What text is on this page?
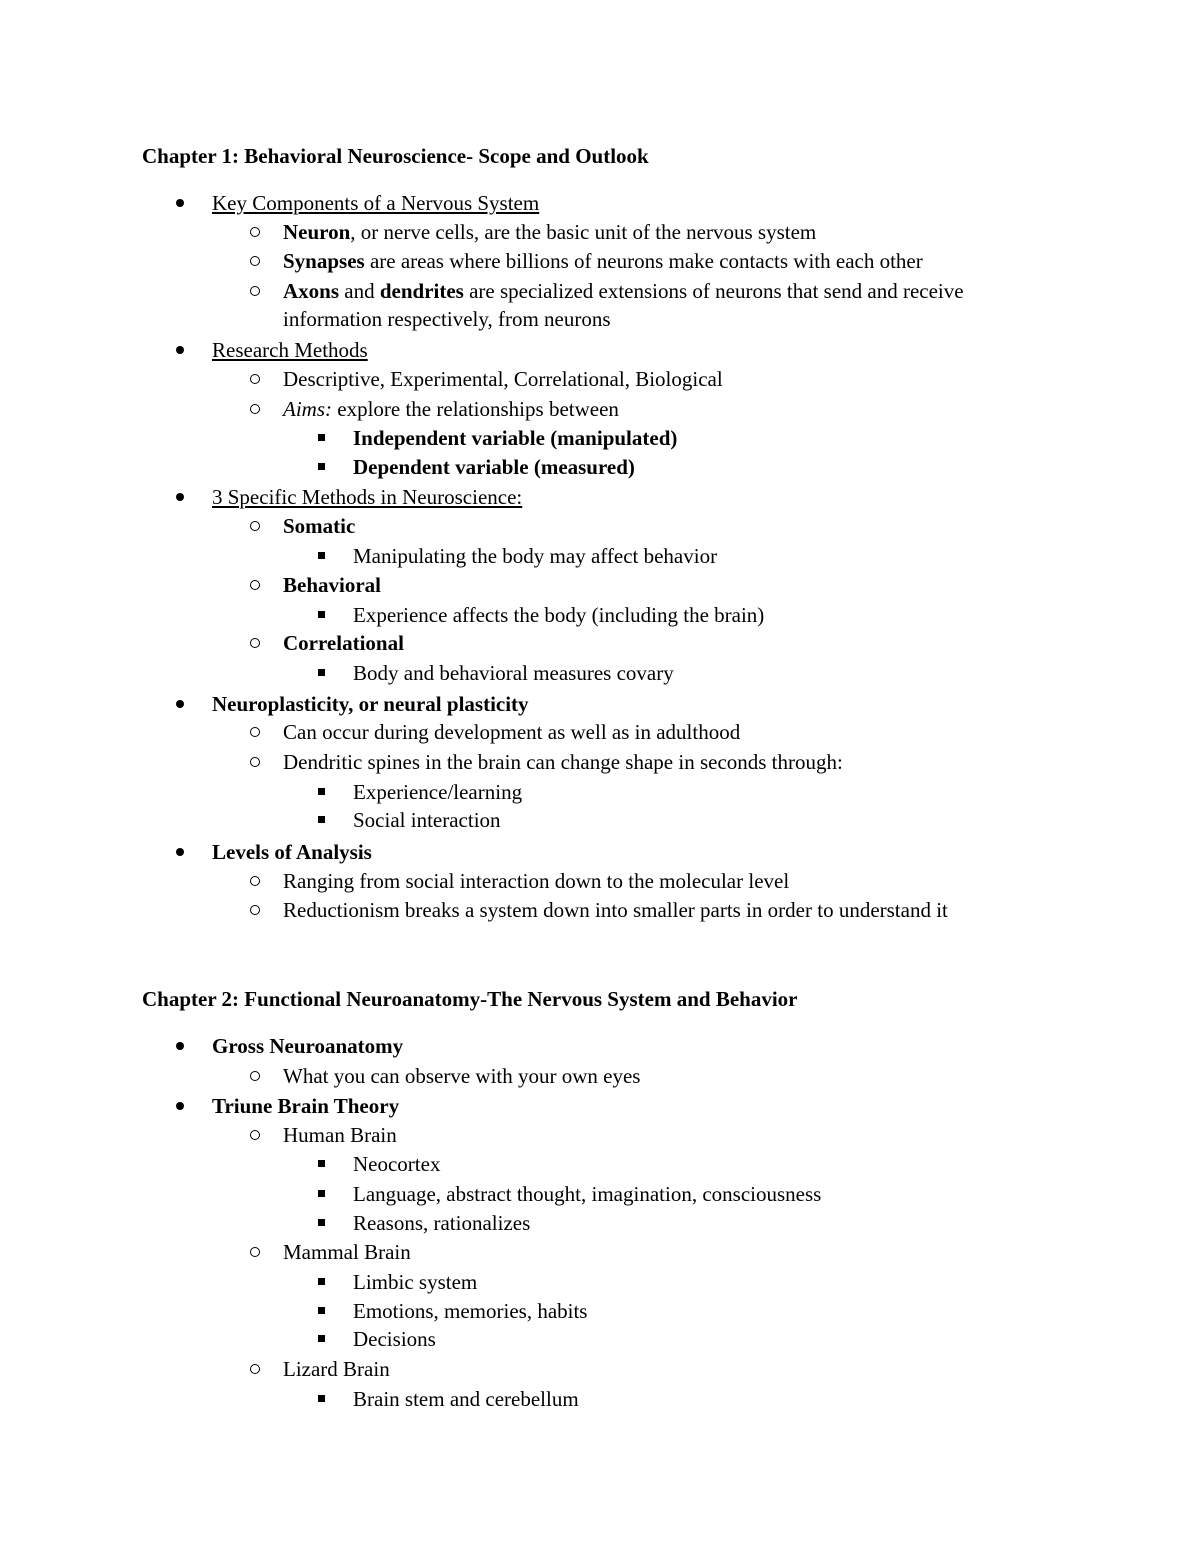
Chapter 1: Behavioral Neuroscience- Scope and Outlook
Key Components of a Nervous System
Neuron, or nerve cells, are the basic unit of the nervous system
Synapses are areas where billions of neurons make contacts with each other
Axons and dendrites are specialized extensions of neurons that send and receive
information respectively, from neurons
Research Methods
Descriptive, Experimental, Correlational, Biological
Aims: explore the relationships between
Independent variable (manipulated)
Dependent variable (measured)
3 Specific Methods in Neuroscience:
Somatic
Manipulating the body may affect behavior
Behavioral
Experience affects the body (including the brain)
Correlational
Body and behavioral measures covary
Neuroplasticity, or neural plasticity
Can occur during development as well as in adulthood
Dendritic spines in the brain can change shape in seconds through:
Experience/learning
Social interaction
Levels of Analysis
Ranging from social interaction down to the molecular level
Reductionism breaks a system down into smaller parts in order to understand it
Chapter 2: Functional Neuroanatomy-The Nervous System and Behavior
Gross Neuroanatomy
What you can observe with your own eyes
Triune Brain Theory
Human Brain
Neocortex
Language, abstract thought, imagination, consciousness
Reasons, rationalizes
Mammal Brain
Limbic system
Emotions, memories, habits
Decisions
Lizard Brain
Brain stem and cerebellum
